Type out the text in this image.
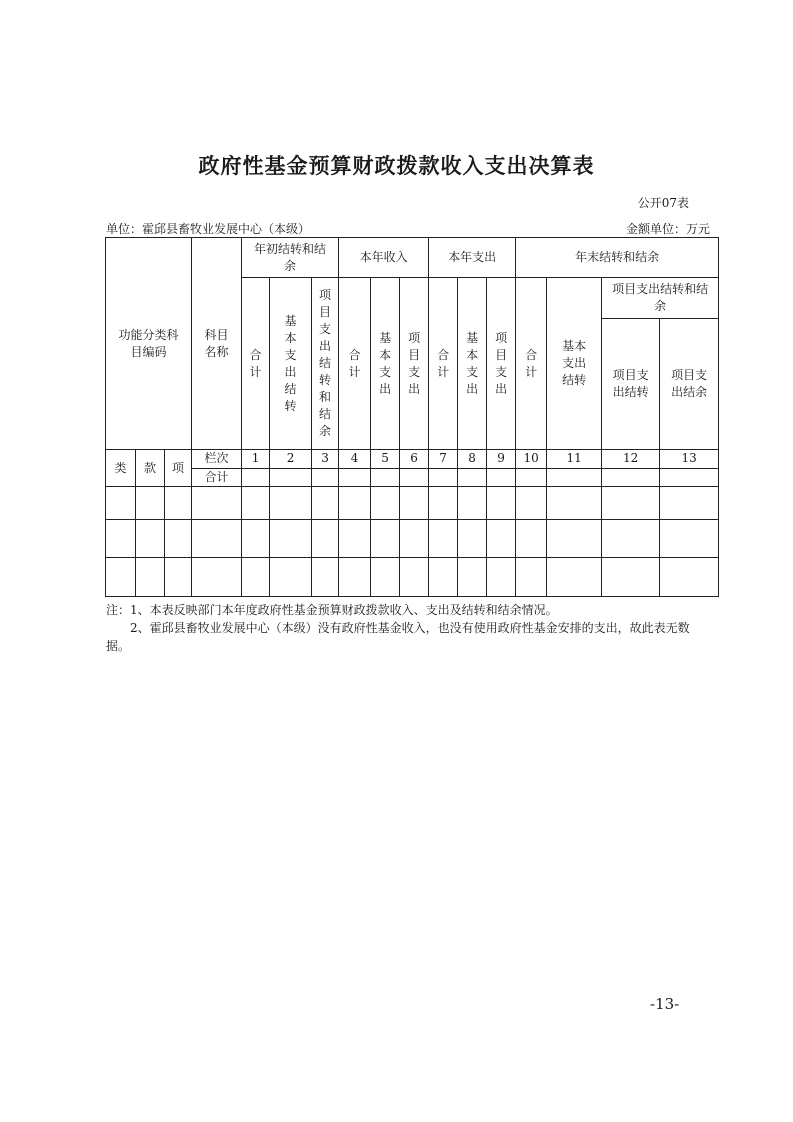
政府性基金预算财政拨款收入支出决算表
公开07表
单位：霍邱县畜牧业发展中心（本级）	金额单位：万元
功能分类科目编码			科目名称	年初结转和结余			本年收入			本年支出			年末结转和结余			
				合计	基本支出结转	项目支出结转和结余	合计	基本支出	项目支出	合计	基本支出	项目支出	合计	基本支出结转	项目支出结转和结余	
															项目支出结转	项目支出结余
类	款	项	栏次	1	2	3	4	5	6	7	8	9	10	11	12	13
			合计													

注：1、本表反映部门本年度政府性基金预算财政拨款收入、支出及结转和结余情况。

2、霍邱县畜牧业发展中心（本级）没有政府性基金收入，也没有使用政府性基金安排的支出，故此表无数据。

-13-
